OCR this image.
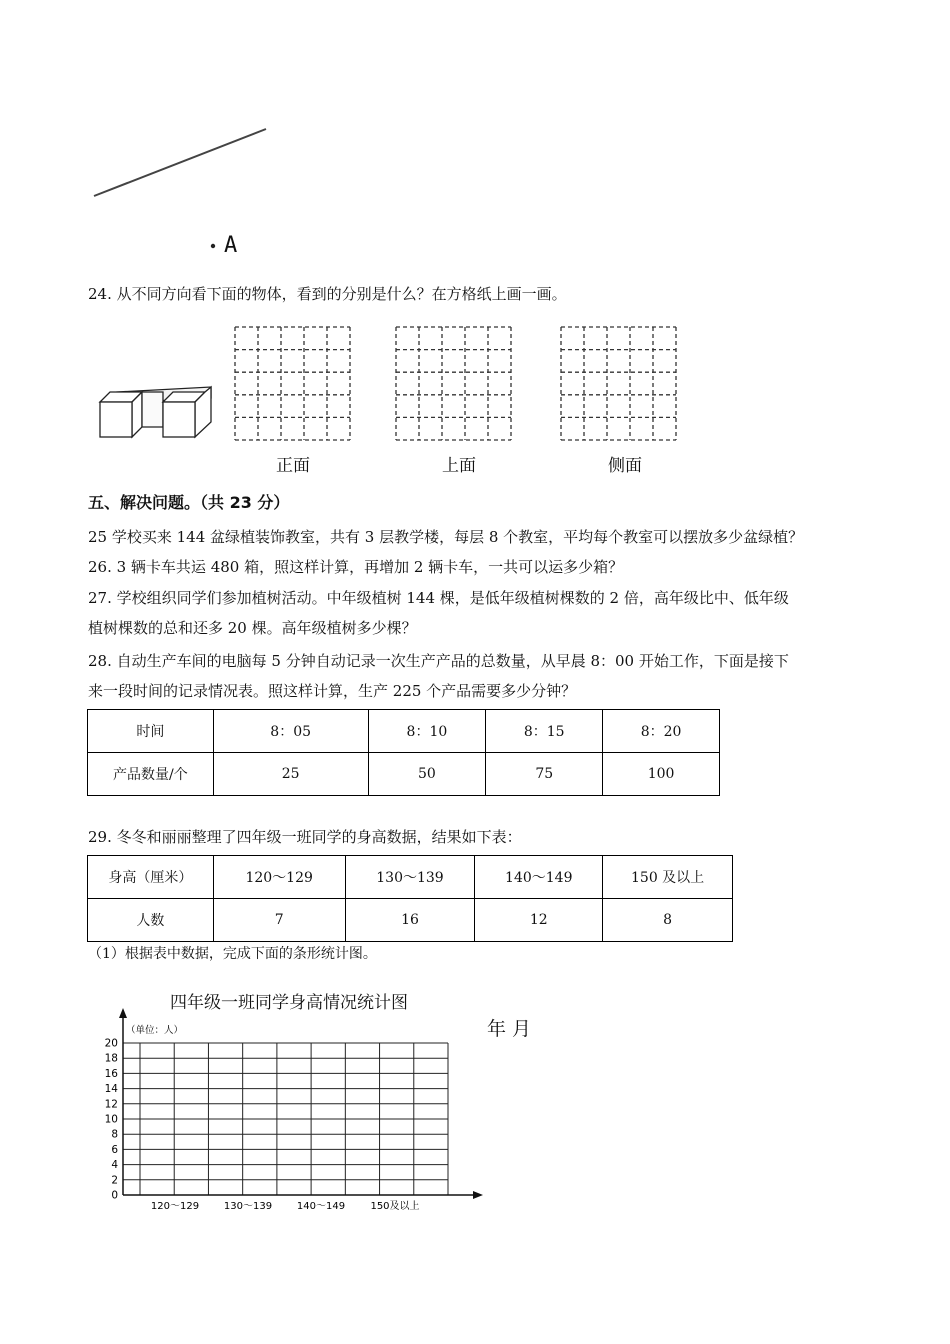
A
24. 从不同方向看下面的物体，看到的分别是什么？在方格纸上画一画。
正面	上面	侧面
五、解决问题。（共 23 分）
25 学校买来 144 盆绿植装饰教室，共有 3 层教学楼，每层 8 个教室，平均每个教室可以摆放多少盆绿植？
26. 3 辆卡车共运 480 箱，照这样计算，再增加 2 辆卡车，一共可以运多少箱？
27. 学校组织同学们参加植树活动。中年级植树 144 棵，是低年级植树棵数的 2 倍，高年级比中、低年级
植树棵数的总和还多 20 棵。高年级植树多少棵？
28. 自动生产车间的电脑每 5 分钟自动记录一次生产产品的总数量，从早晨 8：00 开始工作，下面是接下
来一段时间的记录情况表。照这样计算，生产 225 个产品需要多少分钟？
时间	8：05	8：10	8：15	8：20
产品数量/个	25	50	75	100
29. 冬冬和丽丽整理了四年级一班同学的身高数据，结果如下表：
身高（厘米）	120～129	130～139	140～149	150 及以上
人数	7	16	12	8
（1）根据表中数据，完成下面的条形统计图。
四年级一班同学身高情况统计图
年 月
0
2
4
6
8
10
12
14
16
18
20
（单位：人）
120～129 130～139 140～149	150及以上
